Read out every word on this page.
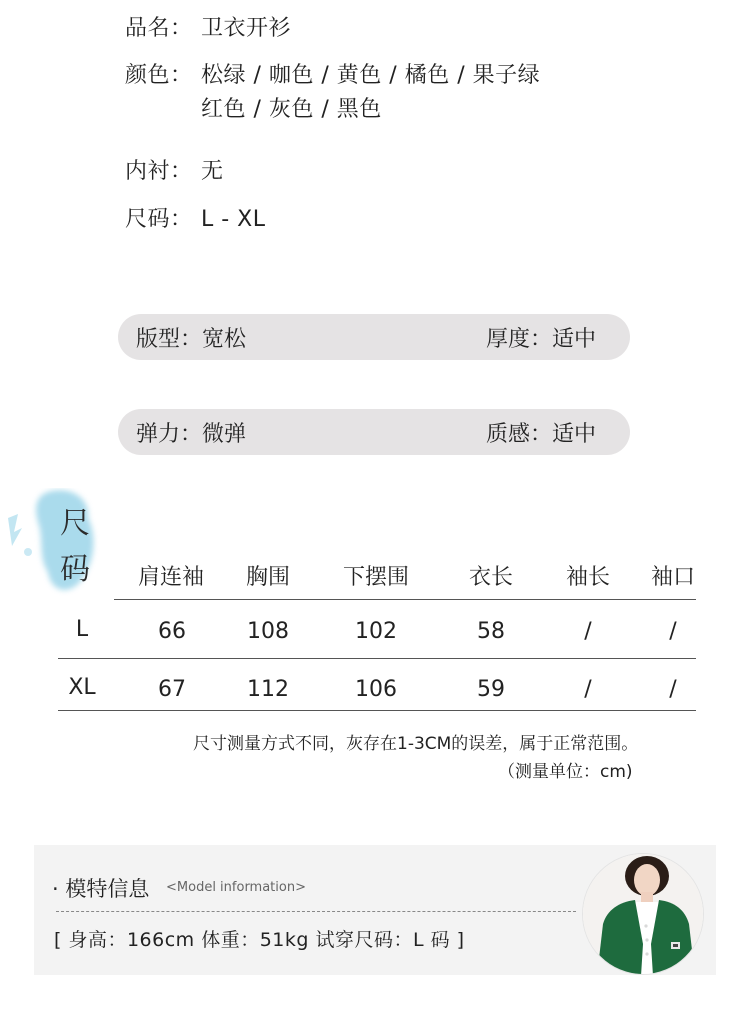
品名： 卫衣开衫
颜色： 松绿 / 咖色 / 黄色 / 橘色 / 果子绿
红色 / 灰色 / 黑色
内衬： 无
尺码： L - XL
版型：宽松	厚度：适中
弹力：微弹	质感：适中
尺
码	肩连袖	胸围	下摆围	衣长	袖长	袖口
L	66	108	102	58	/	/
XL	67	112	106	59	/	/
尺寸测量方式不同，灰存在1-3CM的误差，属于正常范围。
（测量单位：cm)
· 模特信息 <Model information>
[ 身高：166cm 体重：51kg 试穿尺码：L 码 ]
